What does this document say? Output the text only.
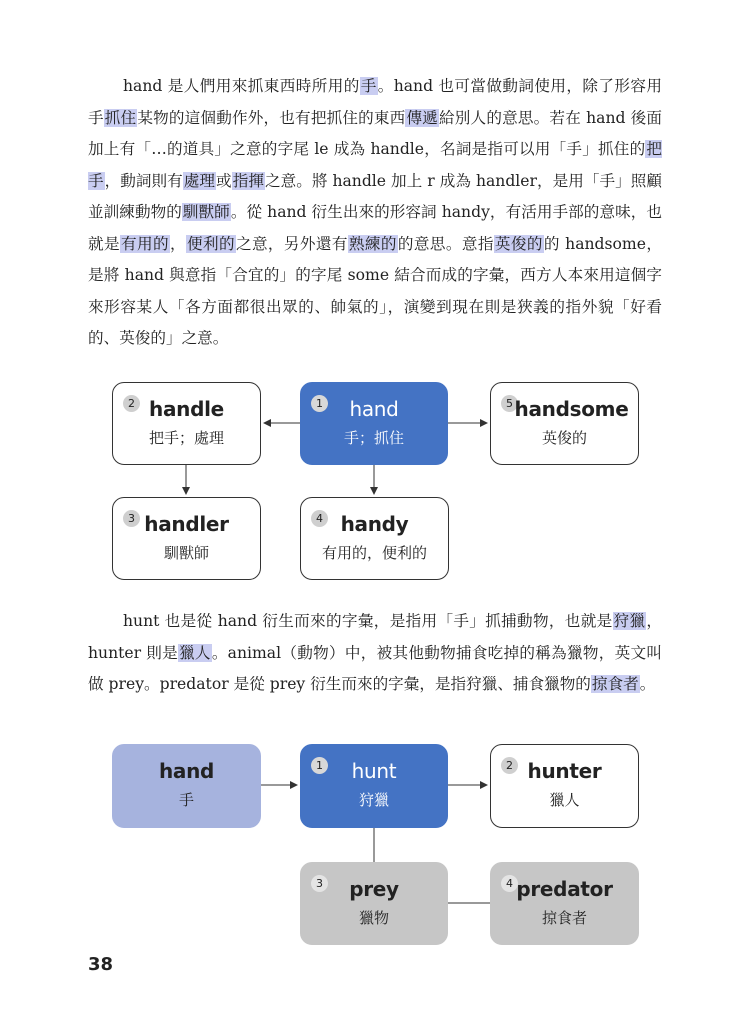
hand 是人們用來抓東西時所用的手。hand 也可當做動詞使用，除了形容用手抓住某物的這個動作外，也有把抓住的東西傳遞給別人的意思。若在 hand 後面加上有「…的道具」之意的字尾 le 成為 handle，名詞是指可以用「手」抓住的把手，動詞則有處理或指揮之意。將 handle 加上 r 成為 handler，是用「手」照顧並訓練動物的馴獸師。從 hand 衍生出來的形容詞 handy，有活用手部的意味，也就是有用的，便利的之意，另外還有熟練的的意思。意指英俊的的 handsome，是將 hand 與意指「合宜的」的字尾 some 結合而成的字彙，西方人本來用這個字來形容某人「各方面都很出眾的、帥氣的」，演變到現在則是狹義的指外貌「好看的、英俊的」之意。

1	hand
手；抓住
2 handle
把手；處理
5 handsome
英俊的
3 handler
馴獸師
4 handy
有用的，便利的

hunt 也是從 hand 衍生而來的字彙，是指用「手」抓捕動物，也就是狩獵，hunter 則是獵人。animal（動物）中，被其他動物捕食吃掉的稱為獵物，英文叫做 prey。predator 是從 prey 衍生而來的字彙，是指狩獵、捕食獵物的掠食者。

hand
手
1	hunt
狩獵
2 hunter
獵人
3	prey
獵物
4 predator
掠食者
38
